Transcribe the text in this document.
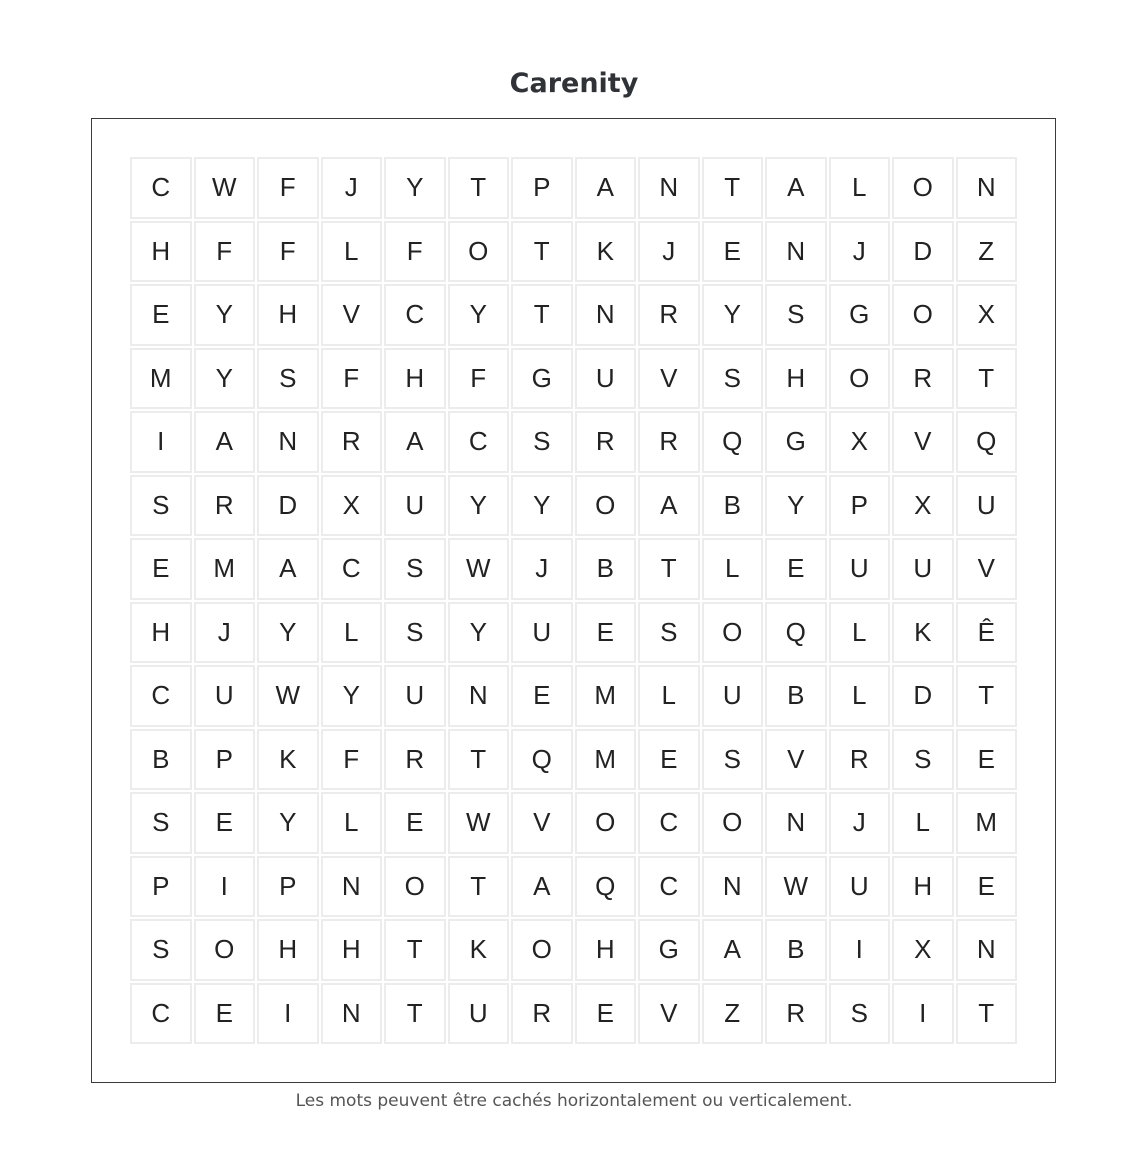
Carenity
C	W	F	J	Y	T	P	A	N	T	A	L	O	N
H	F	F	L	F	O	T	K	J	E	N	J	D	Z
E	Y	H	V	C	Y	T	N	R	Y	S	G	O	X
M	Y	S	F	H	F	G	U	V	S	H	O	R	T
I	A	N	R	A	C	S	R	R	Q	G	X	V	Q
S	R	D	X	U	Y	Y	O	A	B	Y	P	X	U
E	M	A	C	S	W	J	B	T	L	E	U	U	V
H	J	Y	L	S	Y	U	E	S	O	Q	L	K	Ê
C	U	W	Y	U	N	E	M	L	U	B	L	D	T
B	P	K	F	R	T	Q	M	E	S	V	R	S	E
S	E	Y	L	E	W	V	O	C	O	N	J	L	M
P	I	P	N	O	T	A	Q	C	N	W	U	H	E
S	O	H	H	T	K	O	H	G	A	B	I	X	N
C	E	I	N	T	U	R	E	V	Z	R	S	I	T
Les mots peuvent être cachés horizontalement ou verticalement.
